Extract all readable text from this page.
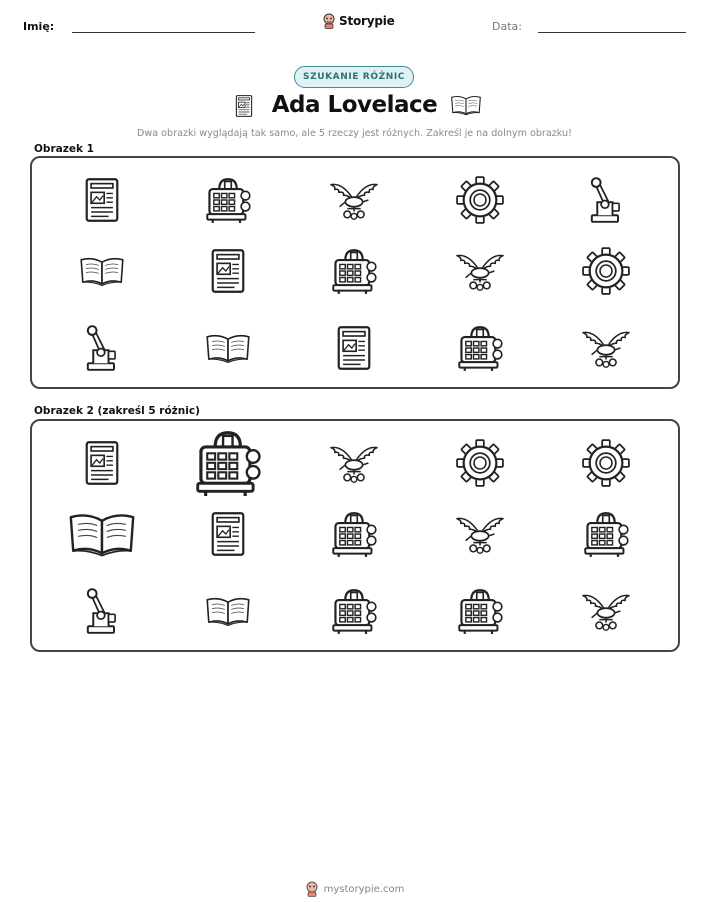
Imię:	Storypie	Data:
SZUKANIE RÓŻNIC
Ada Lovelace
Dwa obrazki wyglądają tak samo, ale 5 rzeczy jest różnych. Zakreśl je na dolnym obrazku!
Obrazek 1
Obrazek 2 (zakreśl 5 różnic)
mystorypie.com
